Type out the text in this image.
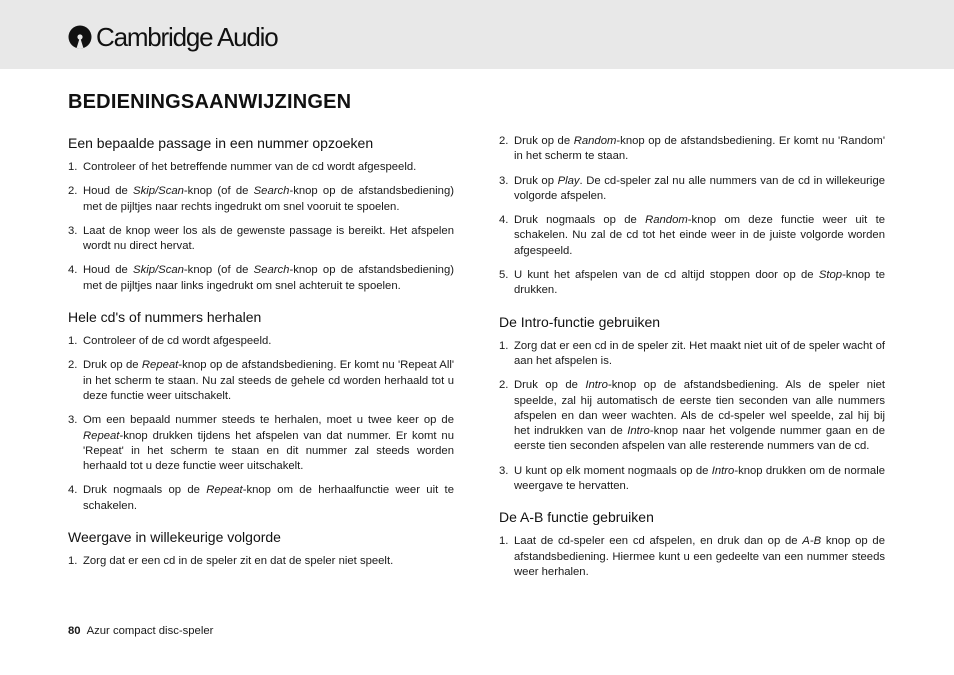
Cambridge Audio
BEDIENINGSAANWIJZINGEN
Een bepaalde passage in een nummer opzoeken
1. Controleer of het betreffende nummer van de cd wordt afgespeeld.
2. Houd de Skip/Scan-knop (of de Search-knop op de afstandsbediening) met de pijltjes naar rechts ingedrukt om snel vooruit te spoelen.
3. Laat de knop weer los als de gewenste passage is bereikt. Het afspelen wordt nu direct hervat.
4. Houd de Skip/Scan-knop (of de Search-knop op de afstandsbediening) met de pijltjes naar links ingedrukt om snel achteruit te spoelen.
Hele cd's of nummers herhalen
1. Controleer of de cd wordt afgespeeld.
2. Druk op de Repeat-knop op de afstandsbediening. Er komt nu 'Repeat All' in het scherm te staan. Nu zal steeds de gehele cd worden herhaald tot u deze functie weer uitschakelt.
3. Om een bepaald nummer steeds te herhalen, moet u twee keer op de Repeat-knop drukken tijdens het afspelen van dat nummer. Er komt nu 'Repeat' in het scherm te staan en dit nummer zal steeds worden herhaald tot u deze functie weer uitschakelt.
4. Druk nogmaals op de Repeat-knop om de herhaalfunctie weer uit te schakelen.
Weergave in willekeurige volgorde
1. Zorg dat er een cd in de speler zit en dat de speler niet speelt.
2. Druk op de Random-knop op de afstandsbediening. Er komt nu 'Random' in het scherm te staan.
3. Druk op Play. De cd-speler zal nu alle nummers van de cd in willekeurige volgorde afspelen.
4. Druk nogmaals op de Random-knop om deze functie weer uit te schakelen. Nu zal de cd tot het einde weer in de juiste volgorde worden afgespeeld.
5. U kunt het afspelen van de cd altijd stoppen door op de Stop-knop te drukken.
De Intro-functie gebruiken
1. Zorg dat er een cd in de speler zit. Het maakt niet uit of de speler wacht of aan het afspelen is.
2. Druk op de Intro-knop op de afstandsbediening. Als de speler niet speelde, zal hij automatisch de eerste tien seconden van alle nummers afspelen en dan weer wachten. Als de cd-speler wel speelde, zal hij bij het indrukken van de Intro-knop naar het volgende nummer gaan en de eerste tien seconden afspelen van alle resterende nummers van de cd.
3. U kunt op elk moment nogmaals op de Intro-knop drukken om de normale weergave te hervatten.
De A-B functie gebruiken
1. Laat de cd-speler een cd afspelen, en druk dan op de A-B knop op de afstandsbediening. Hiermee kunt u een gedeelte van een nummer steeds weer herhalen.
80 Azur compact disc-speler
